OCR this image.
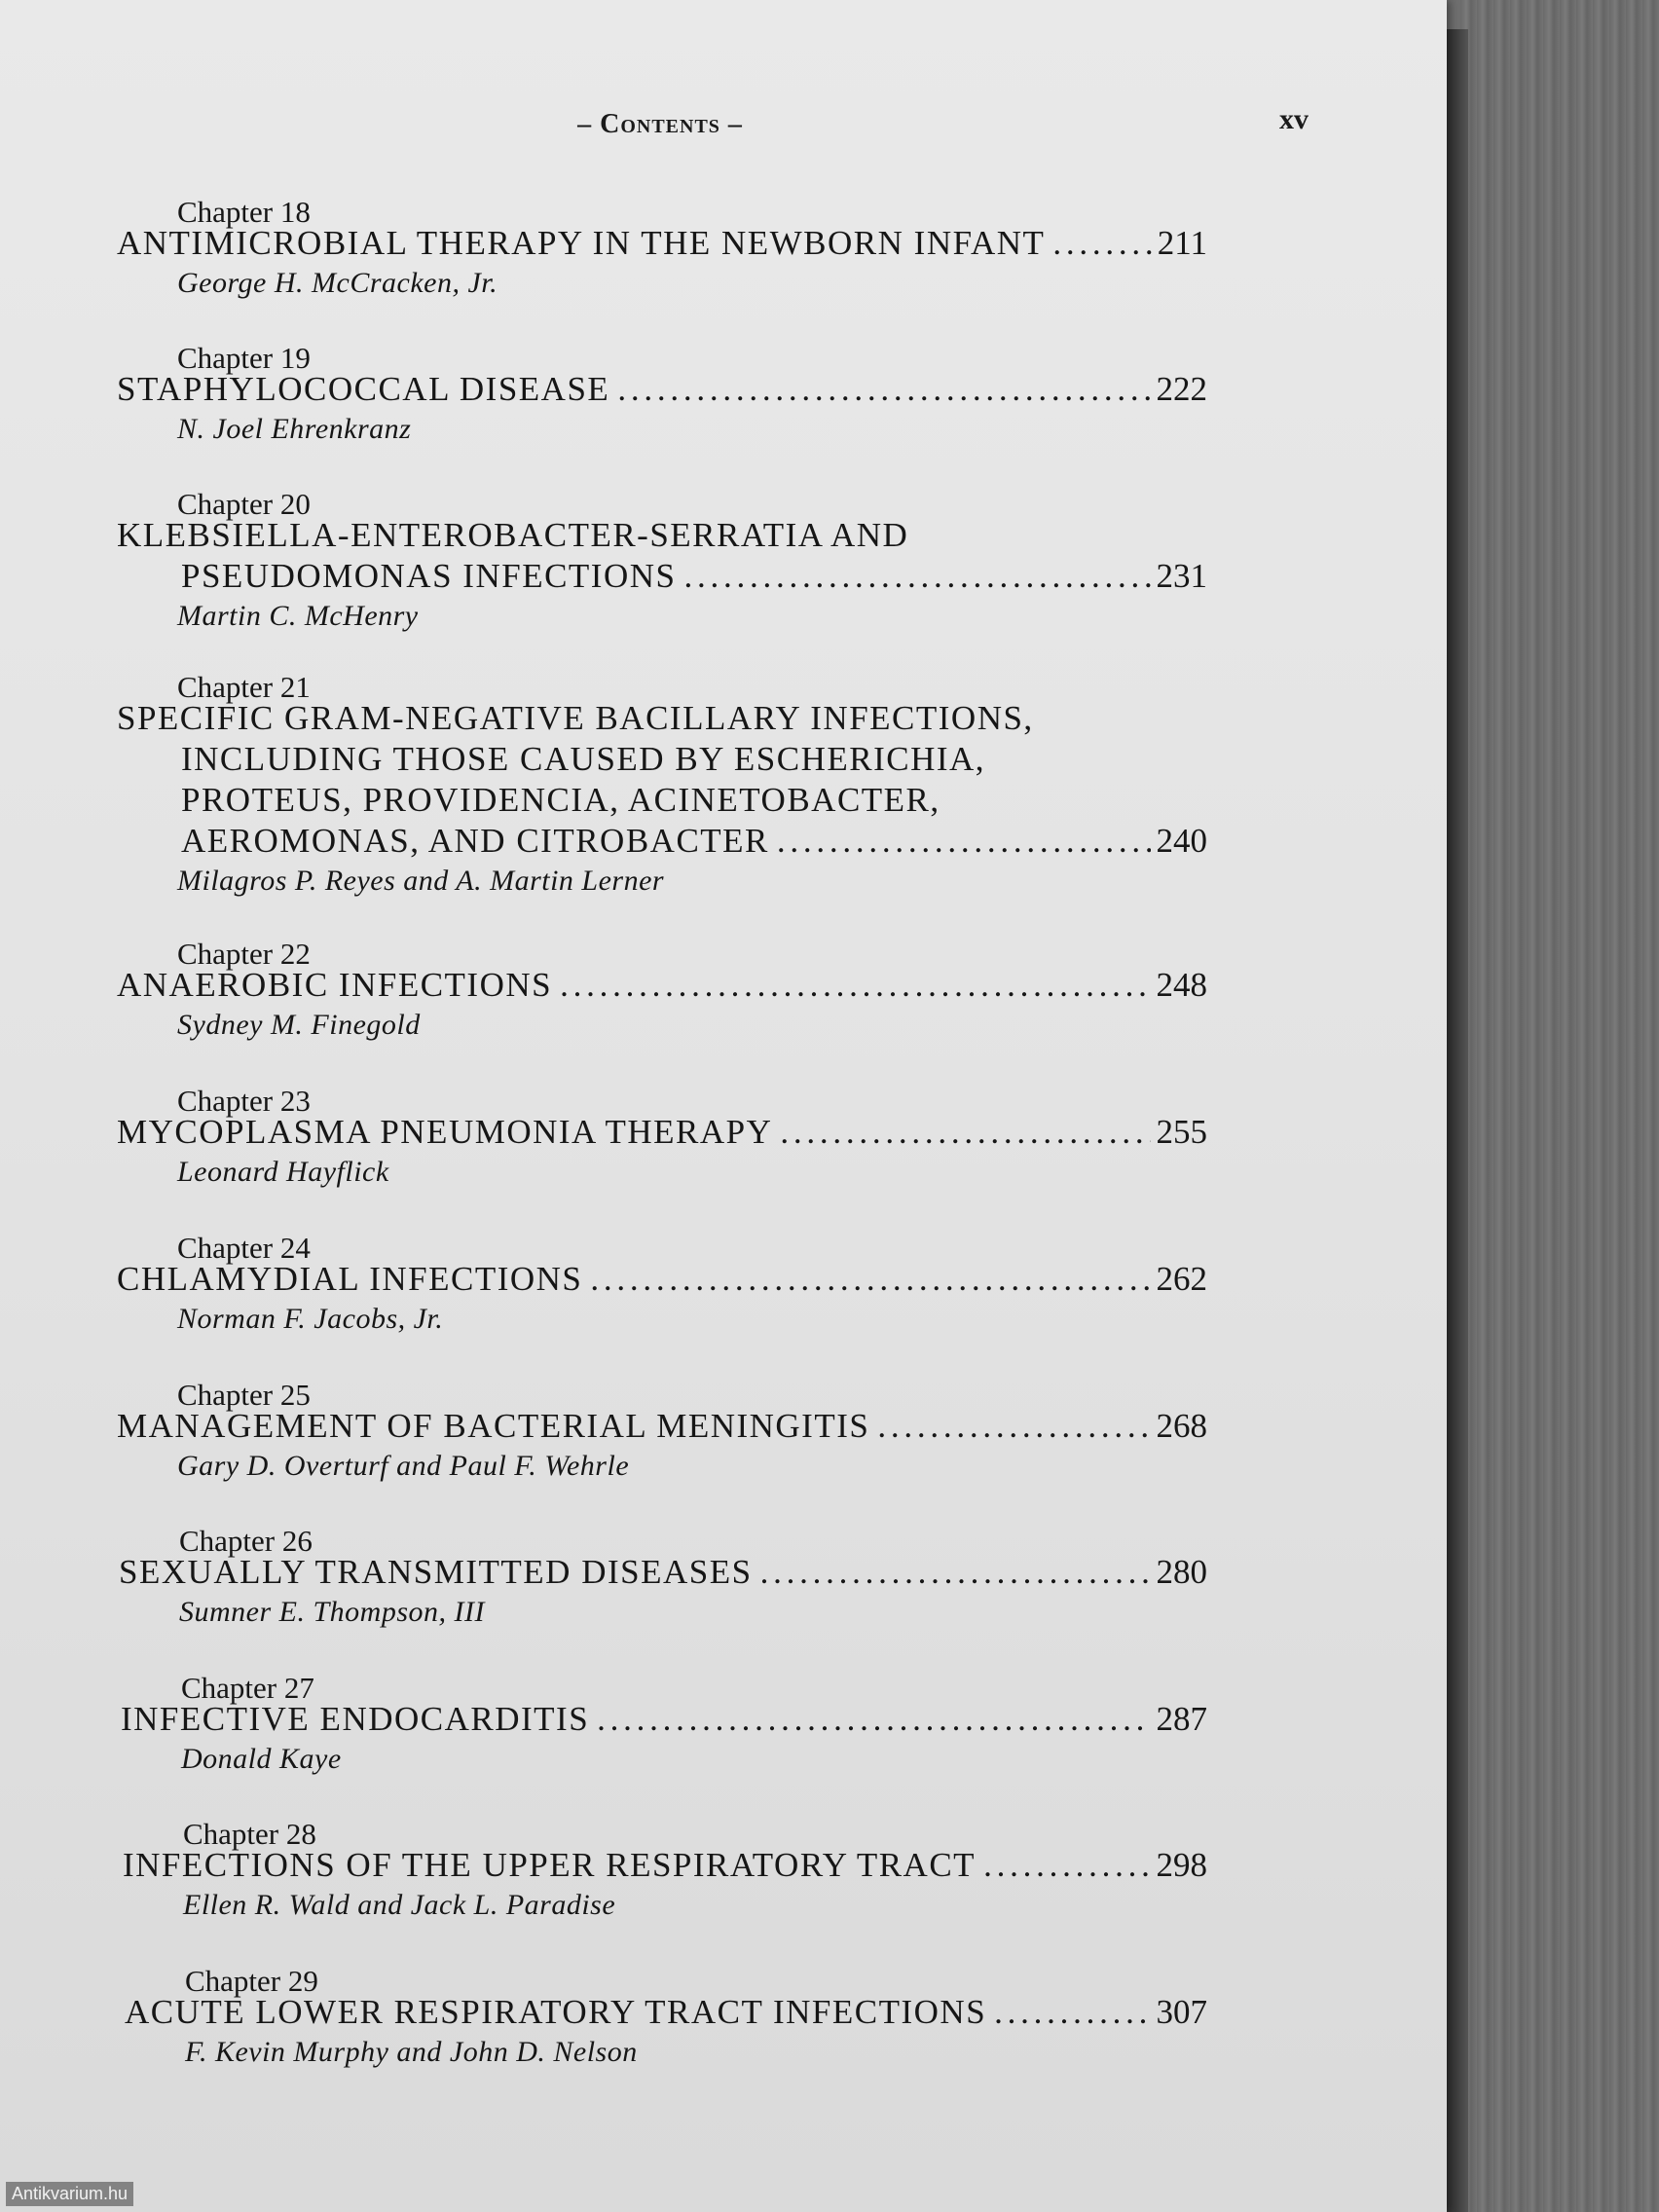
– Contents –	xv
Chapter 18
ANTIMICROBIAL THERAPY IN THE NEWBORN INFANT . . .	211
George H. McCracken, Jr.
Chapter 19
STAPHYLOCOCCAL DISEASE . . .	222
N. Joel Ehrenkranz
Chapter 20
KLEBSIELLA-ENTEROBACTER-SERRATIA AND
PSEUDOMONAS INFECTIONS . . .	231
Martin C. McHenry
Chapter 21
SPECIFIC GRAM-NEGATIVE BACILLARY INFECTIONS,
INCLUDING THOSE CAUSED BY ESCHERICHIA,
PROTEUS, PROVIDENCIA, ACINETOBACTER,
AEROMONAS, AND CITROBACTER . . .	240
Milagros P. Reyes and A. Martin Lerner
Chapter 22
ANAEROBIC INFECTIONS . . .	248
Sydney M. Finegold
Chapter 23
MYCOPLASMA PNEUMONIA THERAPY . . .	255
Leonard Hayflick
Chapter 24
CHLAMYDIAL INFECTIONS . . .	262
Norman F. Jacobs, Jr.
Chapter 25
MANAGEMENT OF BACTERIAL MENINGITIS . . .	268
Gary D. Overturf and Paul F. Wehrle
Chapter 26
SEXUALLY TRANSMITTED DISEASES . . .	280
Sumner E. Thompson, III
Chapter 27
INFECTIVE ENDOCARDITIS . . .	287
Donald Kaye
Chapter 28
INFECTIONS OF THE UPPER RESPIRATORY TRACT . . .	298
Ellen R. Wald and Jack L. Paradise
Chapter 29
ACUTE LOWER RESPIRATORY TRACT INFECTIONS . . .	307
F. Kevin Murphy and John D. Nelson
Antikvarium.hu
